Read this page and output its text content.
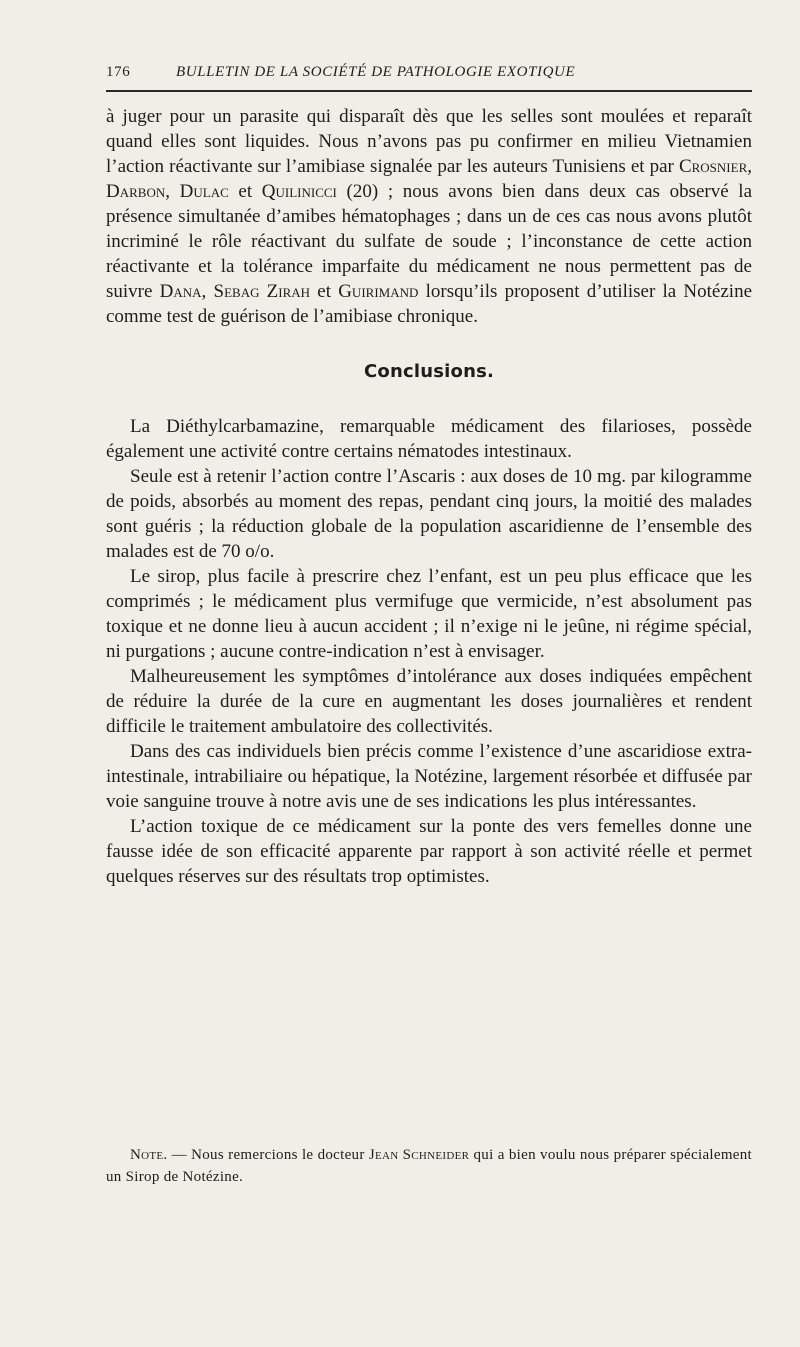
176	BULLETIN DE LA SOCIÉTÉ DE PATHOLOGIE EXOTIQUE

à juger pour un parasite qui disparaît dès que les selles sont moulées et reparaît quand elles sont liquides. Nous n’avons pas pu confirmer en milieu Vietnamien l’action réactivante sur l’amibiase signalée par les auteurs Tunisiens et par Crosnier, Darbon, Dulac et Quilinicci (20) ; nous avons bien dans deux cas observé la présence simultanée d’amibes hématophages ; dans un de ces cas nous avons plutôt incriminé le rôle réactivant du sulfate de soude ; l’inconstance de cette action réactivante et la tolérance imparfaite du médicament ne nous permettent pas de suivre Dana, Sebag Zirah et Guirimand lorsqu’ils proposent d’utiliser la Notézine comme test de guérison de l’amibiase chronique.

Conclusions.

La Diéthylcarbamazine, remarquable médicament des filarioses, possède également une activité contre certains nématodes intestinaux.

Seule est à retenir l’action contre l’Ascaris : aux doses de 10 mg. par kilogramme de poids, absorbés au moment des repas, pendant cinq jours, la moitié des malades sont guéris ; la réduction globale de la population ascaridienne de l’ensemble des malades est de 70 o/o.

Le sirop, plus facile à prescrire chez l’enfant, est un peu plus efficace que les comprimés ; le médicament plus vermifuge que vermicide, n’est absolument pas toxique et ne donne lieu à aucun accident ; il n’exige ni le jeûne, ni régime spécial, ni purgations ; aucune contre-indication n’est à envisager.

Malheureusement les symptômes d’intolérance aux doses indiquées empêchent de réduire la durée de la cure en augmentant les doses journalières et rendent difficile le traitement ambulatoire des collectivités.

Dans des cas individuels bien précis comme l’existence d’une ascaridiose extra-intestinale, intrabiliaire ou hépatique, la Notézine, largement résorbée et diffusée par voie sanguine trouve à notre avis une de ses indications les plus intéressantes.

L’action toxique de ce médicament sur la ponte des vers femelles donne une fausse idée de son efficacité apparente par rapport à son activité réelle et permet quelques réserves sur des résultats trop optimistes.

Note. — Nous remercions le docteur Jean Schneider qui a bien voulu nous préparer spécialement un Sirop de Notézine.
